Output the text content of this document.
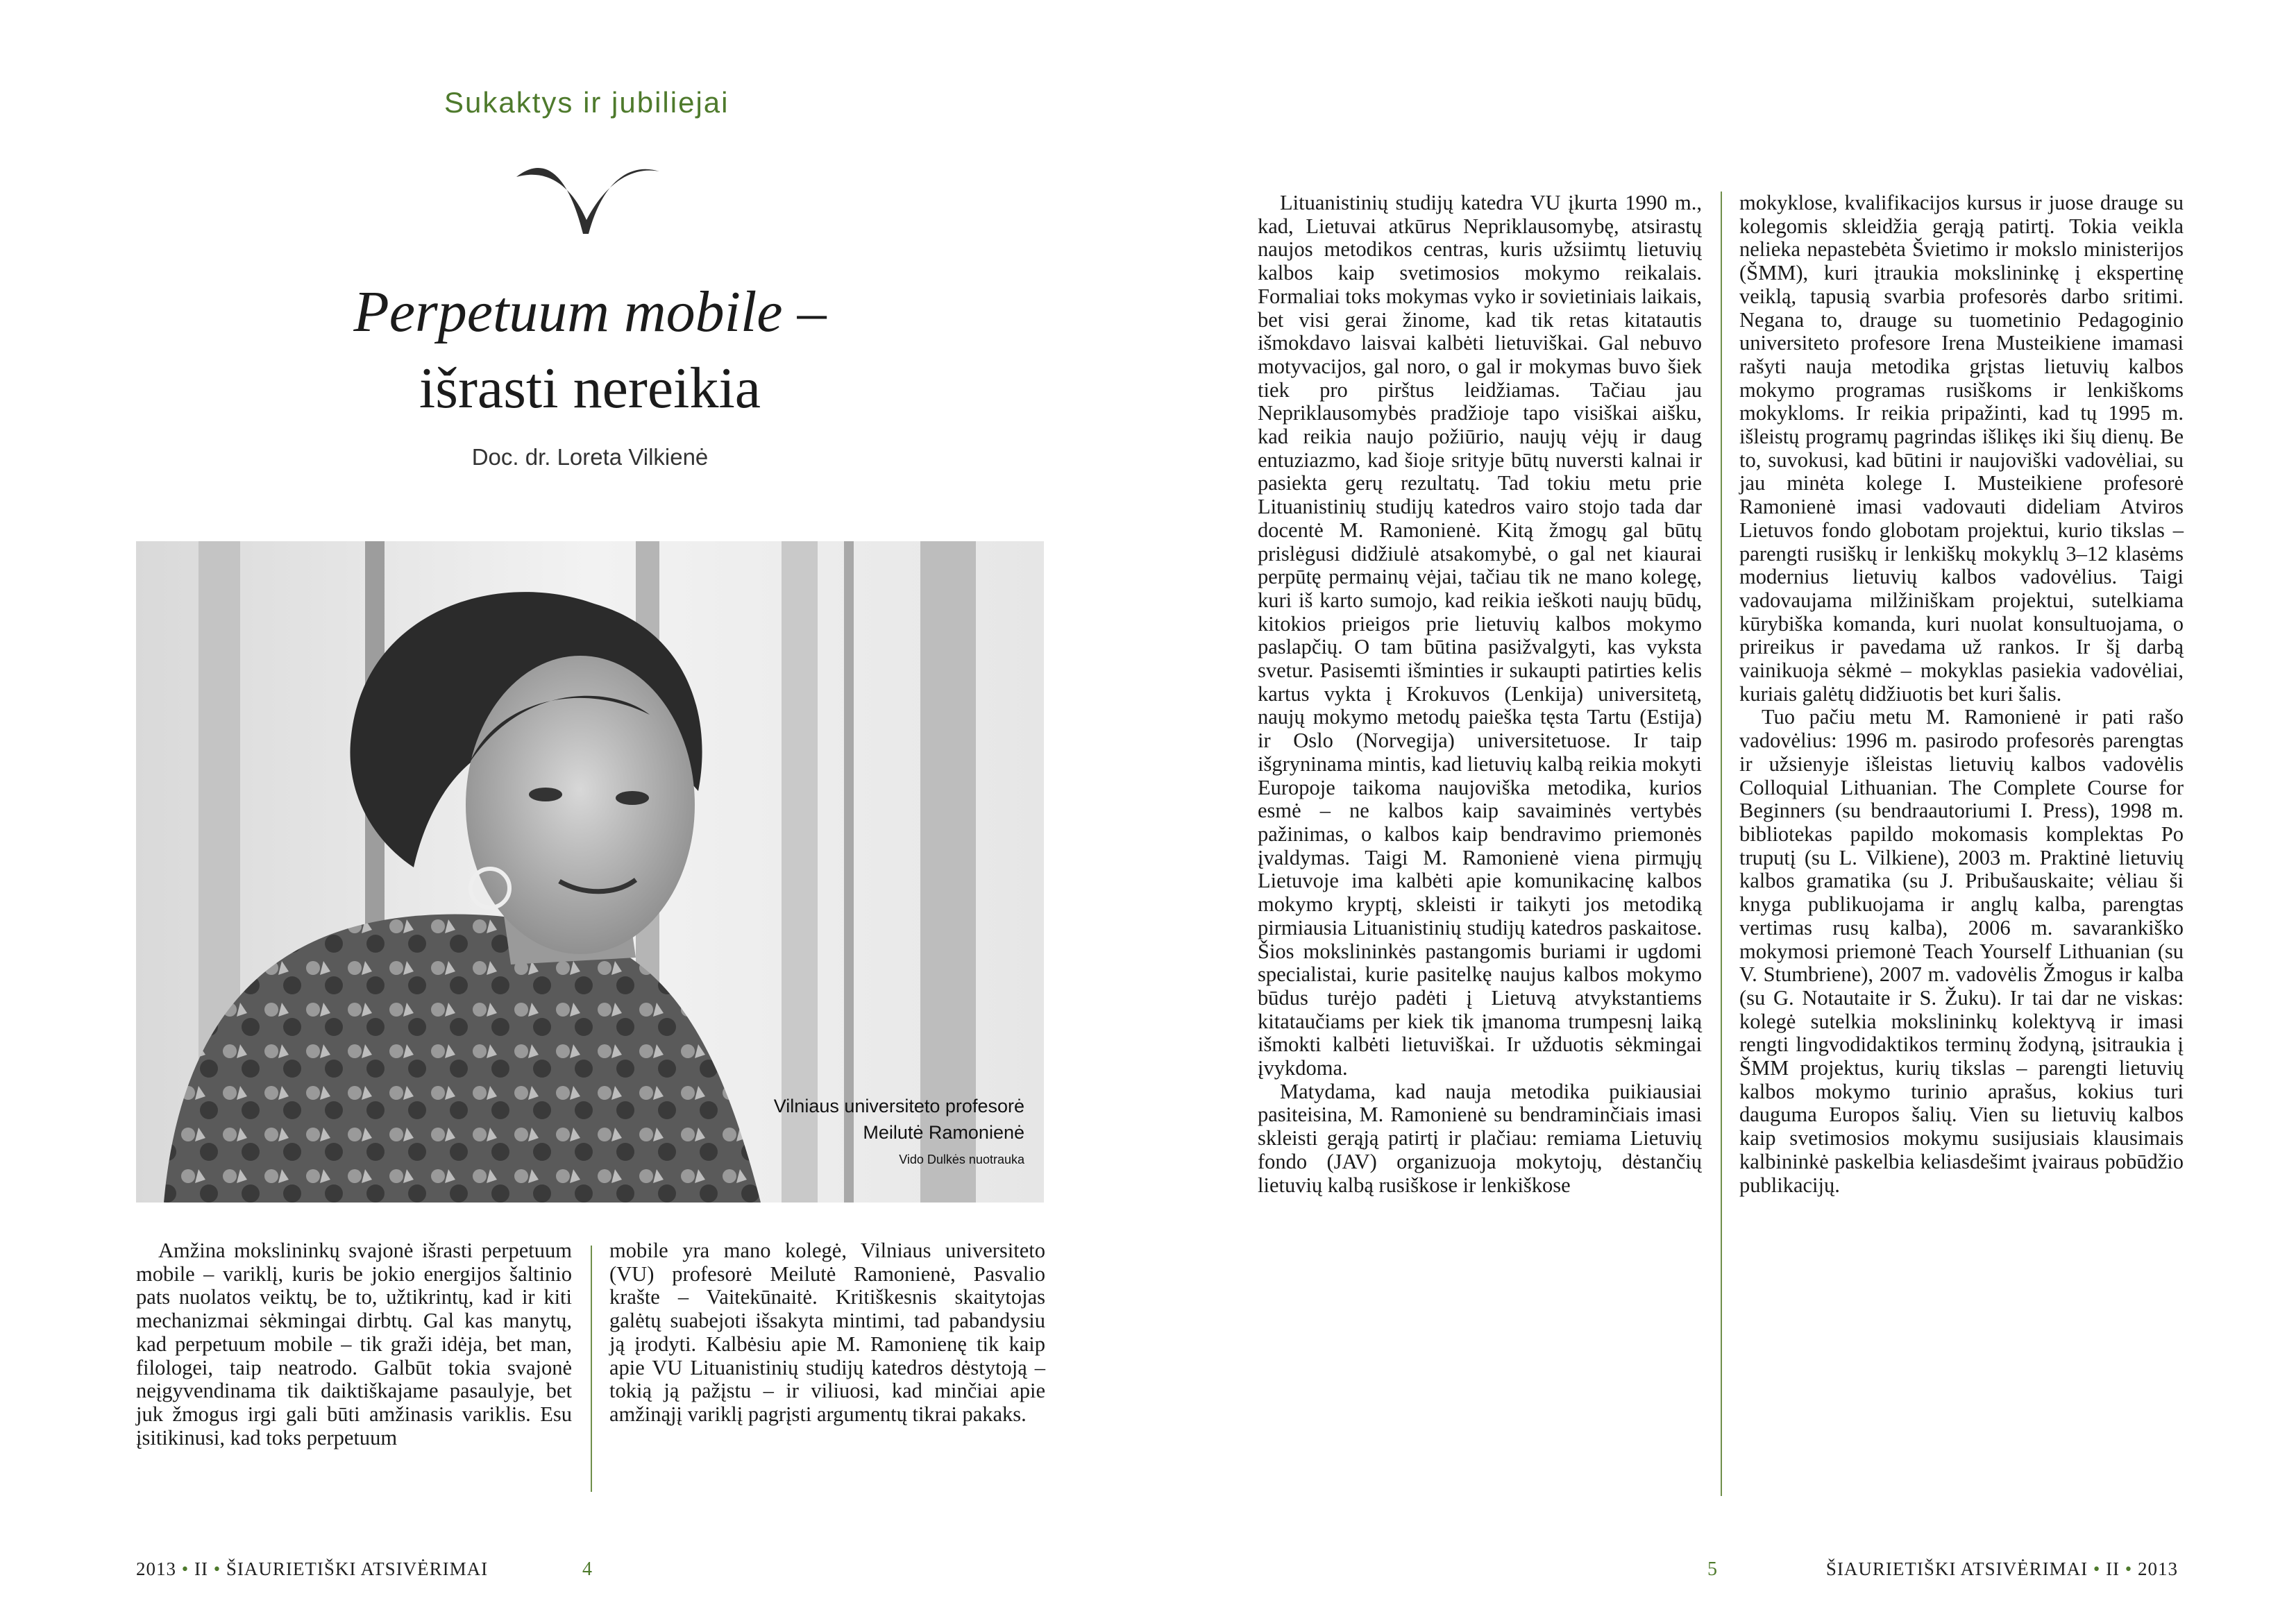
Sukaktys ir jubiliejai
Perpetuum mobile –
išrasti nereikia
Doc. dr. Loreta Vilkienė
Vilniaus universiteto profesorė
Meilutė Ramonienė
Vido Dulkės nuotrauka

Amžina mokslininkų svajonė išrasti perpetuum mobile – variklį, kuris be jokio energijos šaltinio pats nuolatos veiktų, be to, užtikrintų, kad ir kiti mechanizmai sėkmingai dirbtų. Gal kas manytų, kad perpetuum mobile – tik graži idėja, bet man, filologei, taip neatrodo. Galbūt tokia svajonė neįgyvendinama tik daiktiškajame pasaulyje, bet juk žmogus irgi gali būti amžinasis variklis. Esu įsitikinusi, kad toks perpetuum

mobile yra mano kolegė, Vilniaus universiteto (VU) profesorė Meilutė Ramonienė, Pasvalio krašte – Vaitekūnaitė. Kritiškesnis skaitytojas galėtų suabejoti išsakyta mintimi, tad pabandysiu ją įrodyti. Kalbėsiu apie M. Ramonienę tik kaip apie VU Lituanistinių studijų katedros dėstytoją – tokią ją pažįstu – ir viliuosi, kad minčiai apie amžinąjį variklį pagrįsti argumentų tikrai pakaks.

2013 • II • ŠIAURIETIŠKI ATSIVĖRIMAI	4

Lituanistinių studijų katedra VU įkurta 1990 m., kad, Lietuvai atkūrus Nepriklausomybę, atsirastų naujos metodikos centras, kuris užsiimtų lietuvių kalbos kaip svetimosios mokymo reikalais. Formaliai toks mokymas vyko ir sovietiniais laikais, bet visi gerai žinome, kad tik retas kitatautis išmokdavo laisvai kalbėti lietuviškai. Gal nebuvo motyvacijos, gal noro, o gal ir mokymas buvo šiek tiek pro pirštus leidžiamas. Tačiau jau Nepriklausomybės pradžioje tapo visiškai aišku, kad reikia naujo požiūrio, naujų vėjų ir daug entuziazmo, kad šioje srityje būtų nuversti kalnai ir pasiekta gerų rezultatų. Tad tokiu metu prie Lituanistinių studijų katedros vairo stojo tada dar docentė M. Ramonienė. Kitą žmogų gal būtų prislėgusi didžiulė atsakomybė, o gal net kiaurai perpūtę permainų vėjai, tačiau tik ne mano kolegę, kuri iš karto sumojo, kad reikia ieškoti naujų būdų, kitokios prieigos prie lietuvių kalbos mokymo paslapčių. O tam būtina pasižvalgyti, kas vyksta svetur. Pasisemti išminties ir sukaupti patirties kelis kartus vykta į Krokuvos (Lenkija) universitetą, naujų mokymo metodų paieška tęsta Tartu (Estija) ir Oslo (Norvegija) universitetuose. Ir taip išgryninama mintis, kad lietuvių kalbą reikia mokyti Europoje taikoma naujoviška metodika, kurios esmė – ne kalbos kaip savaiminės vertybės pažinimas, o kalbos kaip bendravimo priemonės įvaldymas. Taigi M. Ramonienė viena pirmųjų Lietuvoje ima kalbėti apie komunikacinę kalbos mokymo kryptį, skleisti ir taikyti jos metodiką pirmiausia Lituanistinių studijų katedros paskaitose. Šios mokslininkės pastangomis buriami ir ugdomi specialistai, kurie pasitelkę naujus kalbos mokymo būdus turėjo padėti į Lietuvą atvykstantiems kitataučiams per kiek tik įmanoma trumpesnį laiką išmokti kalbėti lietuviškai. Ir užduotis sėkmingai įvykdoma.

Matydama, kad nauja metodika puikiausiai pasiteisina, M. Ramonienė su bendraminčiais imasi skleisti gerąją patirtį ir plačiau: remiama Lietuvių fondo (JAV) organizuoja mokytojų, dėstančių lietuvių kalbą rusiškose ir lenkiškose

mokyklose, kvalifikacijos kursus ir juose drauge su kolegomis skleidžia gerąją patirtį. Tokia veikla nelieka nepastebėta Švietimo ir mokslo ministerijos (ŠMM), kuri įtraukia mokslininkę į ekspertinę veiklą, tapusią svarbia profesorės darbo sritimi. Negana to, drauge su tuometinio Pedagoginio universiteto profesore Irena Musteikiene imamasi rašyti nauja metodika grįstas lietuvių kalbos mokymo programas rusiškoms ir lenkiškoms mokykloms. Ir reikia pripažinti, kad tų 1995 m. išleistų programų pagrindas išlikęs iki šių dienų. Be to, suvokusi, kad būtini ir naujoviški vadovėliai, su jau minėta kolege I. Musteikiene profesorė Ramonienė imasi vadovauti dideliam Atviros Lietuvos fondo globotam projektui, kurio tikslas – parengti rusiškų ir lenkiškų mokyklų 3–12 klasėms modernius lietuvių kalbos vadovėlius. Taigi vadovaujama milžiniškam projektui, sutelkiama kūrybiška komanda, kuri nuolat konsultuojama, o prireikus ir pavedama už rankos. Ir šį darbą vainikuoja sėkmė – mokyklas pasiekia vadovėliai, kuriais galėtų didžiuotis bet kuri šalis.

Tuo pačiu metu M. Ramonienė ir pati rašo vadovėlius: 1996 m. pasirodo profesorės parengtas ir užsienyje išleistas lietuvių kalbos vadovėlis Colloquial Lithuanian. The Complete Course for Beginners (su bendraautoriumi I. Press), 1998 m. bibliotekas papildo mokomasis komplektas Po truputį (su L. Vilkiene), 2003 m. Praktinė lietuvių kalbos gramatika (su J. Pribušauskaite; vėliau ši knyga publikuojama ir anglų kalba, parengtas vertimas rusų kalba), 2006 m. savarankiško mokymosi priemonė Teach Yourself Lithuanian (su V. Stumbriene), 2007 m. vadovėlis Žmogus ir kalba (su G. Notautaite ir S. Žuku). Ir tai dar ne viskas: kolegė sutelkia mokslininkų kolektyvą ir imasi rengti lingvodidaktikos terminų žodyną, įsitraukia į ŠMM projektus, kurių tikslas – parengti lietuvių kalbos mokymo turinio aprašus, kokius turi dauguma Europos šalių. Vien su lietuvių kalbos kaip svetimosios mokymu susijusiais klausimais kalbininkė paskelbia keliasdešimt įvairaus pobūdžio publikacijų.

5	ŠIAURIETIŠKI ATSIVĖRIMAI • II • 2013
